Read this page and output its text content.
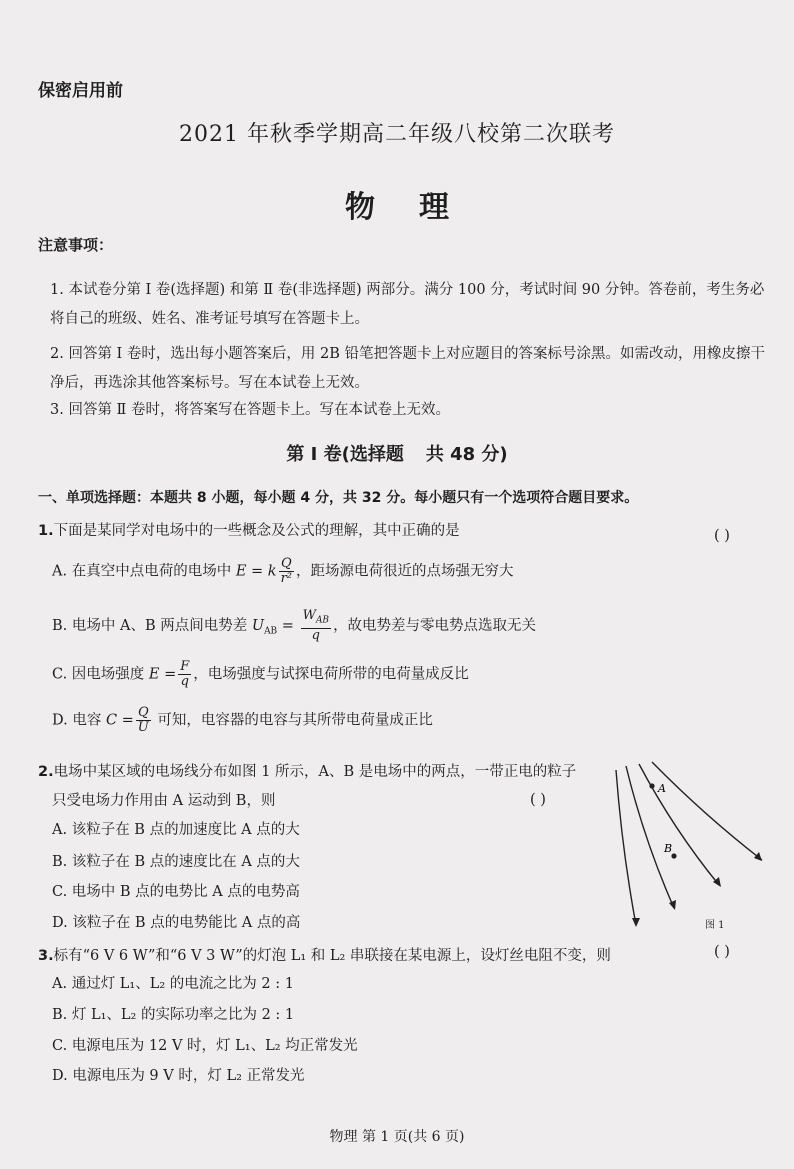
保密启用前
2021 年秋季学期高二年级八校第二次联考
物理
注意事项：
1. 本试卷分第 Ⅰ 卷(选择题) 和第 Ⅱ 卷(非选择题) 两部分。满分 100 分，考试时间 90 分钟。答卷前，考生务必将自己的班级、姓名、准考证号填写在答题卡上。
2. 回答第 Ⅰ 卷时，选出每小题答案后，用 2B 铅笔把答题卡上对应题目的答案标号涂黑。如需改动，用橡皮擦干净后，再选涂其他答案标号。写在本试卷上无效。
3. 回答第 Ⅱ 卷时，将答案写在答题卡上。写在本试卷上无效。
第 Ⅰ 卷(选择题 共 48 分)
一、单项选择题：本题共 8 小题，每小题 4 分，共 32 分。每小题只有一个选项符合题目要求。
1.下面是某同学对电场中的一些概念及公式的理解，其中正确的是	( )
A. 在真空中点电荷的电场中 E = k $\frac{Q}{\text{r²}}$ ，距场源电荷很近的点场强无穷大
B. 电场中 A、B 两点间电势差 $U_{AB} = \frac{W_{AB}}{q}$ ，故电势差与零电势点选取无关
C. 因电场强度 $E = \frac{F}{q}$ ，电场强度与试探电荷所带的电荷量成反比
D. 电容 $C = \frac{Q}{U}$ 可知，电容器的电容与其所带电荷量成正比
2.电场中某区域的电场线分布如图 1 所示，A、B 是电场中的两点，一带正电的粒子
只受电场力作用由 A 运动到 B，则	( )
A. 该粒子在 B 点的加速度比 A 点的大
B. 该粒子在 B 点的速度比在 A 点的大
C. 电场中 B 点的电势比 A 点的电势高
D. 该粒子在 B 点的电势能比 A 点的高
A
B
图 1
3.标有“6 V 6 W”和“6 V 3 W”的灯泡 L₁ 和 L₂ 串联接在某电源上，设灯丝电阻不变，则	( )
A. 通过灯 L₁、L₂ 的电流之比为 2 : 1
B. 灯 L₁、L₂ 的实际功率之比为 2 : 1
C. 电源电压为 12 V 时，灯 L₁、L₂ 均正常发光
D. 电源电压为 9 V 时，灯 L₂ 正常发光
物理 第 1 页(共 6 页)
